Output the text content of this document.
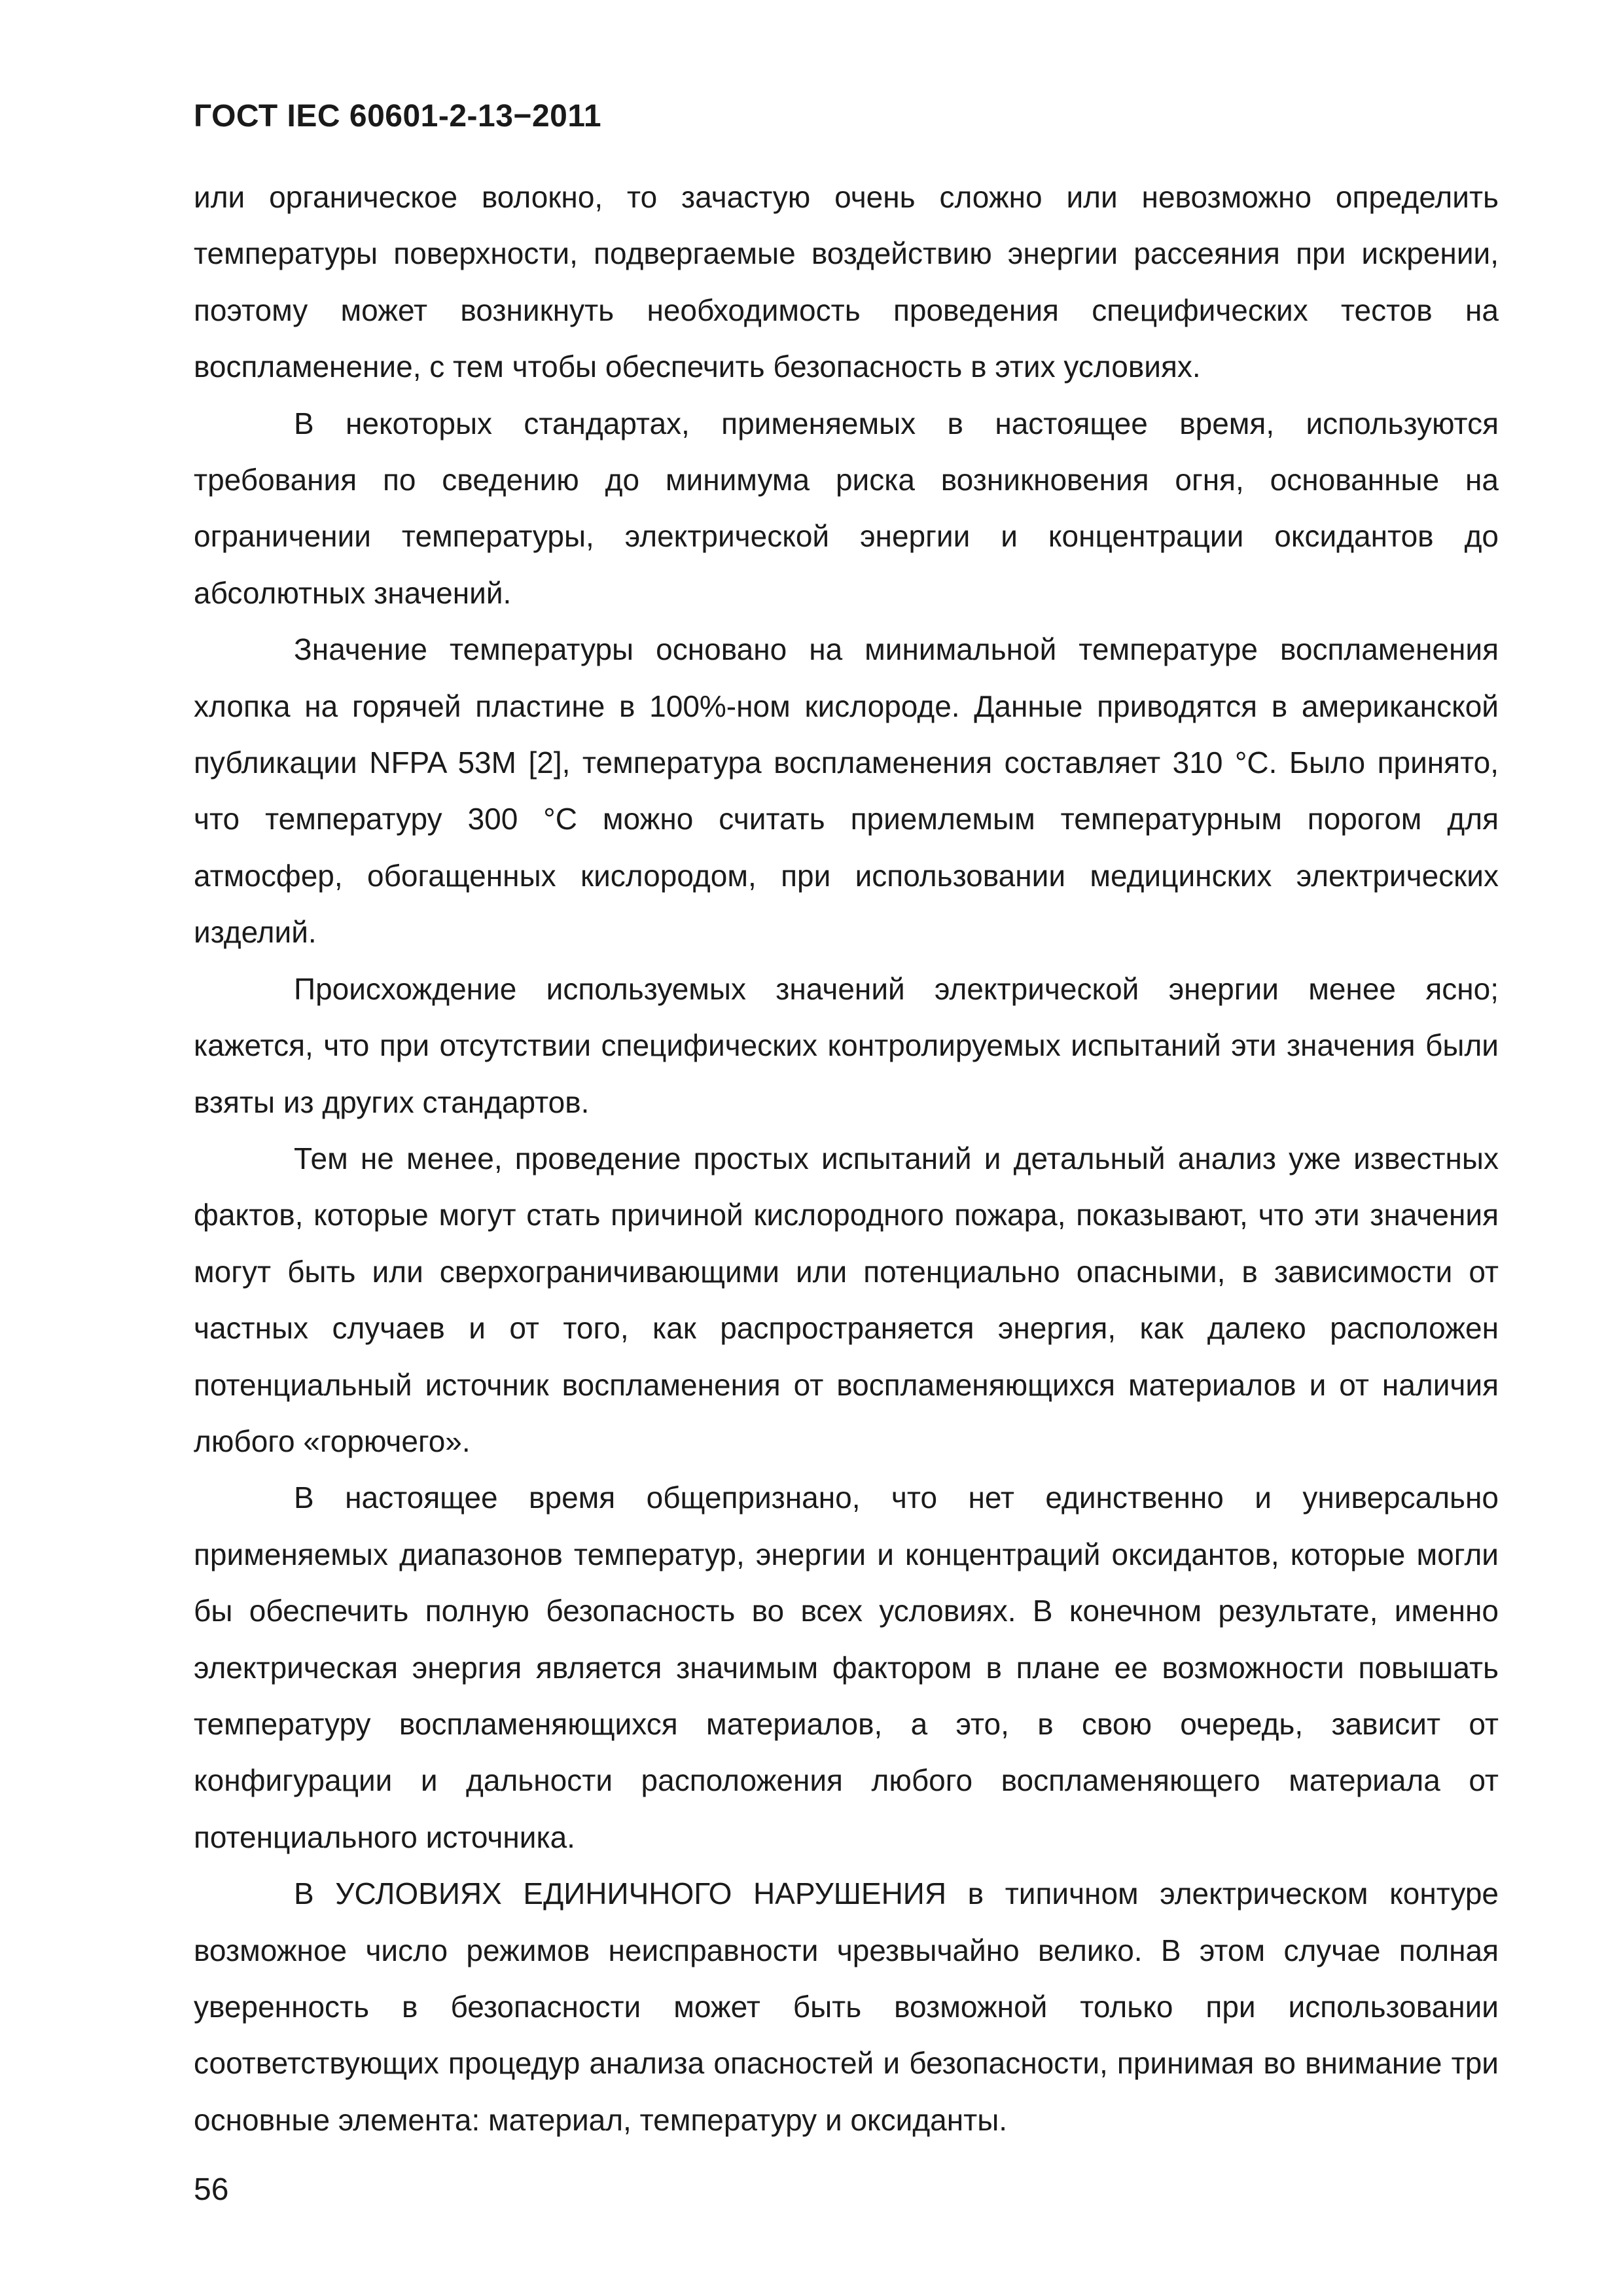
ГОСТ IEC 60601-2-13−2011

или органическое волокно, то зачастую очень сложно или невозможно определить температуры поверхности, подвергаемые воздействию энергии рассеяния при искрении, поэтому может возникнуть необходимость проведения специфических тестов на воспламенение, с тем чтобы обеспечить безопасность в этих условиях.

В некоторых стандартах, применяемых в настоящее время, используются требования по сведению до минимума риска возникновения огня, основанные на ограничении температуры, электрической энергии и концентрации оксидантов до абсолютных значений.

Значение температуры основано на минимальной температуре воспламенения хлопка на горячей пластине в 100%-ном кислороде. Данные приводятся в американской публикации NFPA 53M [2], температура воспламенения составляет 310 °С. Было принято, что температуру 300 °С можно считать приемлемым температурным порогом для атмосфер, обогащенных кислородом, при использовании медицинских электрических изделий.

Происхождение используемых значений электрической энергии менее ясно; кажется, что при отсутствии специфических контролируемых испытаний эти значения были взяты из других стандартов.

Тем не менее, проведение простых испытаний и детальный анализ уже известных фактов, которые могут стать причиной кислородного пожара, показывают, что эти значения могут быть или сверхограничивающими или потенциально опасными, в зависимости от частных случаев и от того, как распространяется энергия, как далеко расположен потенциальный источник воспламенения от воспламеняющихся материалов и от наличия любого «горючего».

В настоящее время общепризнано, что нет единственно и универсально применяемых диапазонов температур, энергии и концентраций оксидантов, которые могли бы обеспечить полную безопасность во всех условиях. В конечном результате, именно электрическая энергия является значимым фактором в плане ее возможности повышать температуру воспламеняющихся материалов, а это, в свою очередь, зависит от конфигурации и дальности расположения любого воспламеняющего материала от потенциального источника.

В УСЛОВИЯХ ЕДИНИЧНОГО НАРУШЕНИЯ в типичном электрическом контуре возможное число режимов неисправности чрезвычайно велико. В этом случае полная уверенность в безопасности может быть возможной только при использовании соответствующих процедур анализа опасностей и безопасности, принимая во внимание три основные элемента: материал, температуру и оксиданты.

56
